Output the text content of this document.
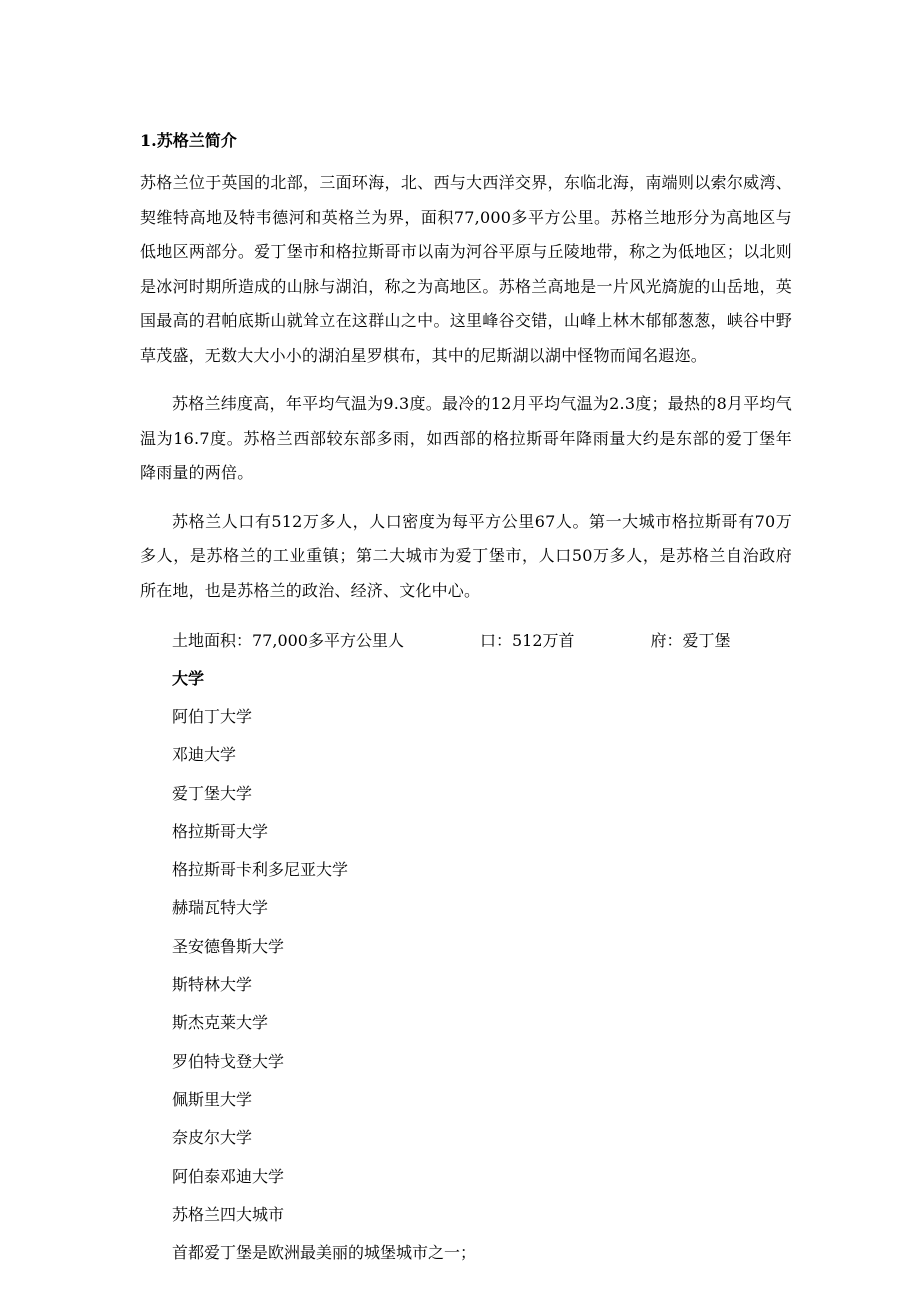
1.苏格兰简介

苏格兰位于英国的北部，三面环海，北、西与大西洋交界，东临北海，南端则以索尔威湾、契维特高地及特韦德河和英格兰为界，面积77,000多平方公里。苏格兰地形分为高地区与低地区两部分。爱丁堡市和格拉斯哥市以南为河谷平原与丘陵地带，称之为低地区；以北则是冰河时期所造成的山脉与湖泊，称之为高地区。苏格兰高地是一片风光旖旎的山岳地，英国最高的君帕底斯山就耸立在这群山之中。这里峰谷交错，山峰上林木郁郁葱葱，峡谷中野草茂盛，无数大大小小的湖泊星罗棋布，其中的尼斯湖以湖中怪物而闻名遐迩。

苏格兰纬度高，年平均气温为9.3度。最冷的12月平均气温为2.3度；最热的8月平均气温为16.7度。苏格兰西部较东部多雨，如西部的格拉斯哥年降雨量大约是东部的爱丁堡年降雨量的两倍。

苏格兰人口有512万多人，人口密度为每平方公里67人。第一大城市格拉斯哥有70万多人，是苏格兰的工业重镇；第二大城市为爱丁堡市，人口50万多人，是苏格兰自治政府所在地，也是苏格兰的政治、经济、文化中心。

土地面积：77,000多平方公里人	口：512万首	府：爱丁堡
大学
阿伯丁大学
邓迪大学
爱丁堡大学
格拉斯哥大学
格拉斯哥卡利多尼亚大学
赫瑞瓦特大学
圣安德鲁斯大学
斯特林大学
斯杰克莱大学
罗伯特戈登大学
佩斯里大学
奈皮尔大学
阿伯泰邓迪大学
苏格兰四大城市
首都爱丁堡是欧洲最美丽的城堡城市之一；
